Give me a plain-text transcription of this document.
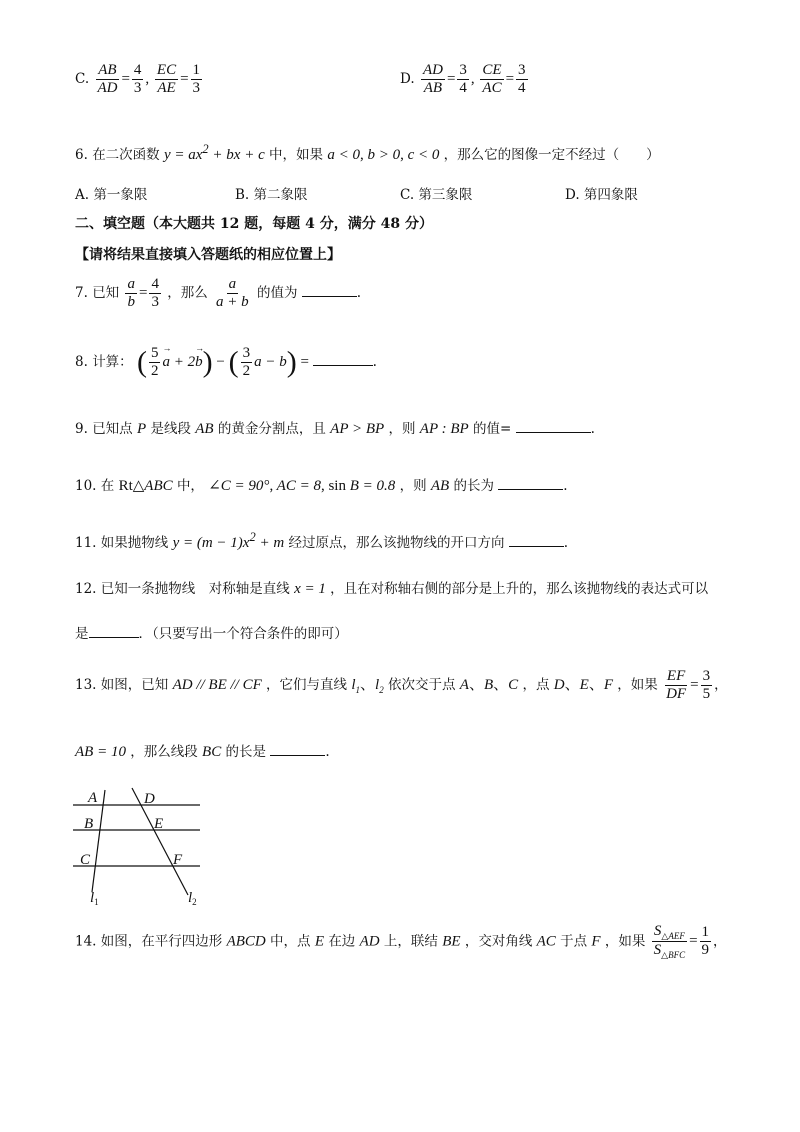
C. $\frac{AB}{AD} = \frac{4}{3}$ , $\frac{EC}{AE} = \frac{1}{3}$	D. $\frac{AD}{AB} = \frac{3}{4}$ , $\frac{CE}{AC} = \frac{3}{4}$
6. 在二次函数 $y = ax^2$ + bx + c 中，如果 a < 0, b > 0, c < 0 ，那么它的图像一定不经过（　　）
A. 第一象限	B. 第二象限	C. 第三象限	D. 第四象限
二、填空题（本大题共 12 题，每题 4 分，满分 48 分）
【请将结果直接填入答题纸的相应位置上】
7. 已知 $\frac{a}{b} = \frac{4}{3}$ ，那么 $\frac{a}{a + b}$ 的值为	.
8. 计算： ( $\frac{5}{2}$
→ a + 2→ b) − ( $\frac{3}{2}$ a − b) =	.
9. 已知点 P 是线段 AB 的黄金分割点，且 AP > BP ，则 AP : BP 的值=	.
10. 在 Rt△ABC 中， ∠C = 90°, AC = 8, sin B = 0.8 ，则 AB 的长为	.
11. 如果抛物线 $y = (m - 1)x^2 + m$ 经过原点，那么该抛物线的开口方向	.
12. 已知一条抛物线　对称轴是直线 x = 1 ，且在对称轴右侧的部分是上升的，那么该抛物线的表达式可以
是	．（只要写出一个符合条件的即可）
13. 如图，已知 AD // BE // CF ，它们与直线 $l_1$、$l_2$ 依次交于点 A、B、C ，点 D、E、F ，如果 $\frac{EF}{DF} = \frac{3}{5}$ ，
AB = 10 ，那么线段 BC 的长是	.
A
B
C
D
E
F
$l_1$	$l_2$
14. 如图，在平行四边形 ABCD 中，点 E 在边 AD 上，联结 BE ，交对角线 AC 于点 F ，如果 $\frac{S_{\triangle AEF}}{S_{\triangle BFC}} = \frac{1}{9}$ ，
